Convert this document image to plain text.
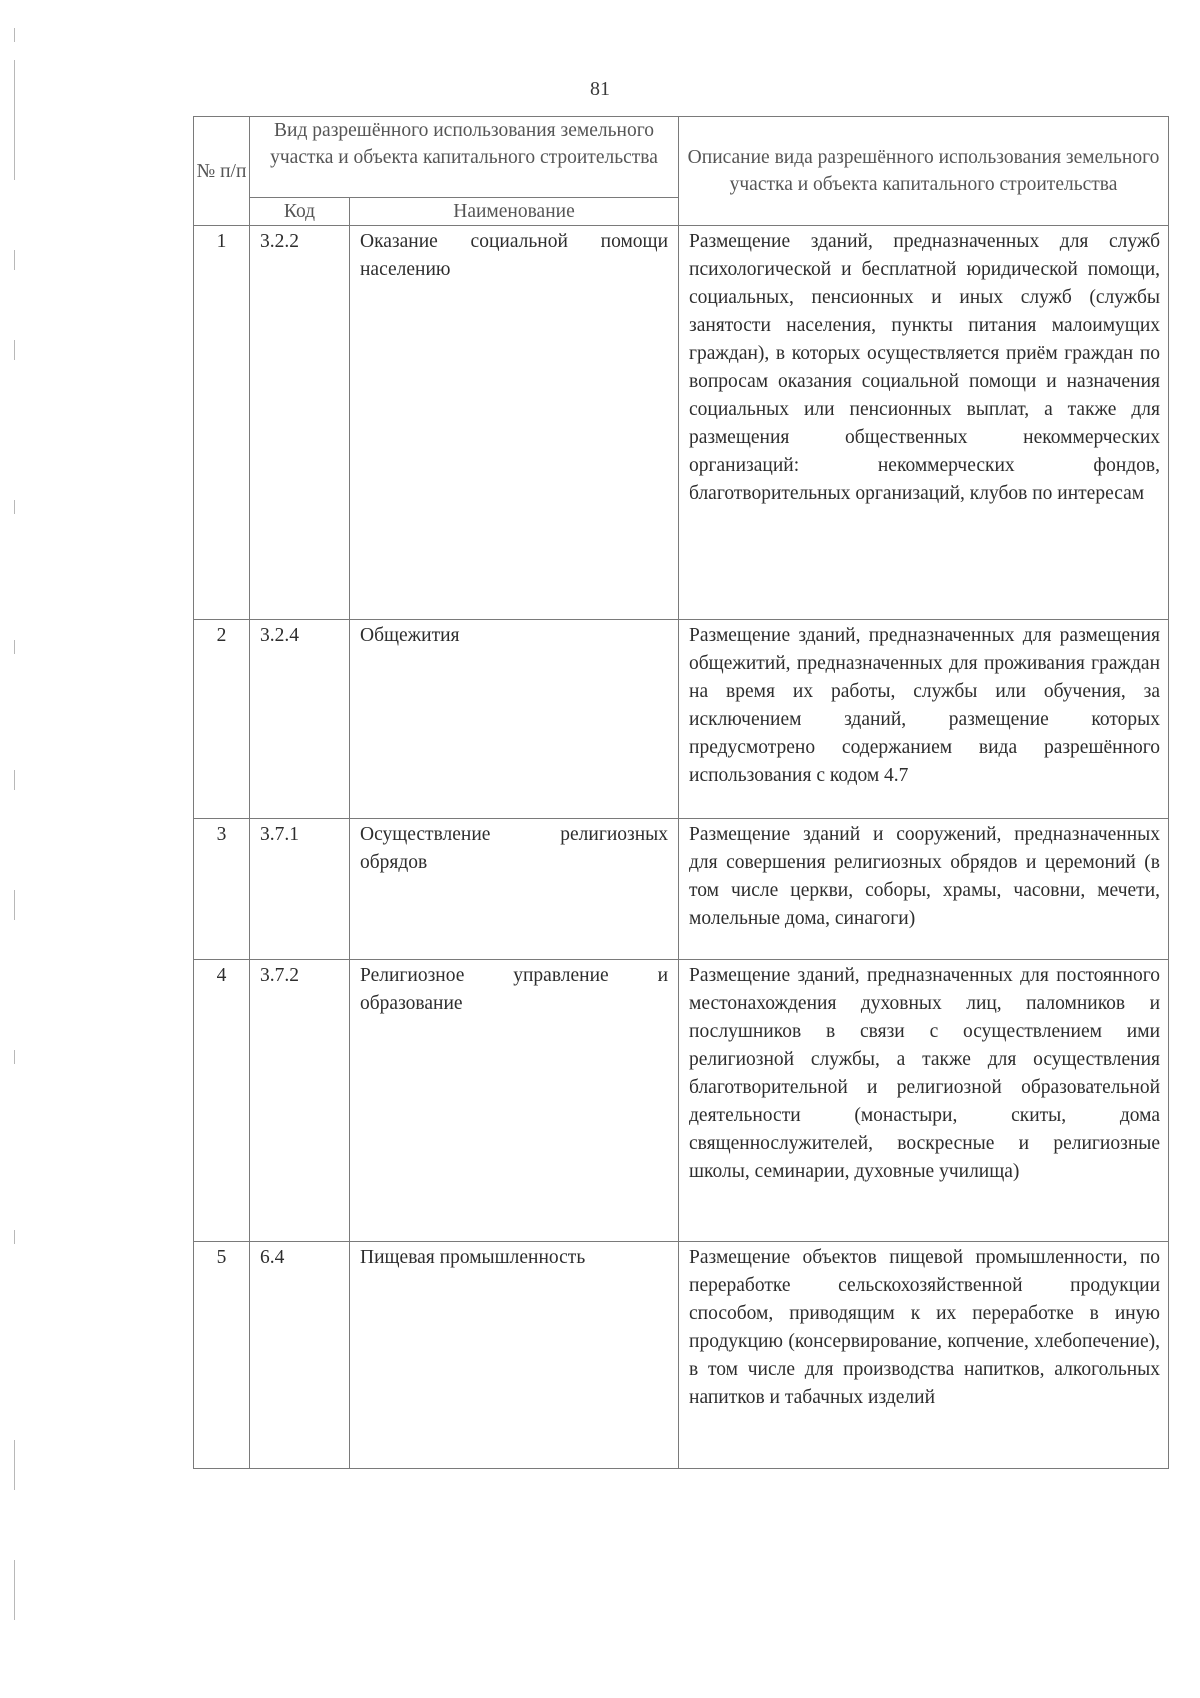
81
№ п/п	Вид разрешённого использования земельного участка и объекта капитального строительства		Описание вида разрешённого использования земельного участка и объекта капитального строительства
	Код	Наименование	
1	3.2.2	Оказание социальной помощи населению	Размещение зданий, предназначенных для служб психологической и бесплатной юридической помощи, социальных, пенсионных и иных служб (службы занятости населения, пункты питания малоимущих граждан), в которых осуществляется приём граждан по вопросам оказания социальной помощи и назначения социальных или пенсионных выплат, а также для размещения общественных некоммерческих организаций: некоммерческих фондов, благотворительных организаций, клубов по интересам
2	3.2.4	Общежития	Размещение зданий, предназначенных для размещения общежитий, предназначенных для проживания граждан на время их работы, службы или обучения, за исключением зданий, размещение которых предусмотрено содержанием вида разрешённого использования с кодом 4.7
3	3.7.1	Осуществление религиозных обрядов	Размещение зданий и сооружений, предназначенных для совершения религиозных обрядов и церемоний (в том числе церкви, соборы, храмы, часовни, мечети, молельные дома, синагоги)
4	3.7.2	Религиозное управление и образование	Размещение зданий, предназначенных для постоянного местонахождения духовных лиц, паломников и послушников в связи с осуществлением ими религиозной службы, а также для осуществления благотворительной и религиозной образовательной деятельности (монастыри, скиты, дома священнослужителей, воскресные и религиозные школы, семинарии, духовные училища)
5	6.4	Пищевая промышленность	Размещение объектов пищевой промышленности, по переработке сельскохозяйственной продукции способом, приводящим к их переработке в иную продукцию (консервирование, копчение, хлебопечение), в том числе для производства напитков, алкогольных напитков и табачных изделий
